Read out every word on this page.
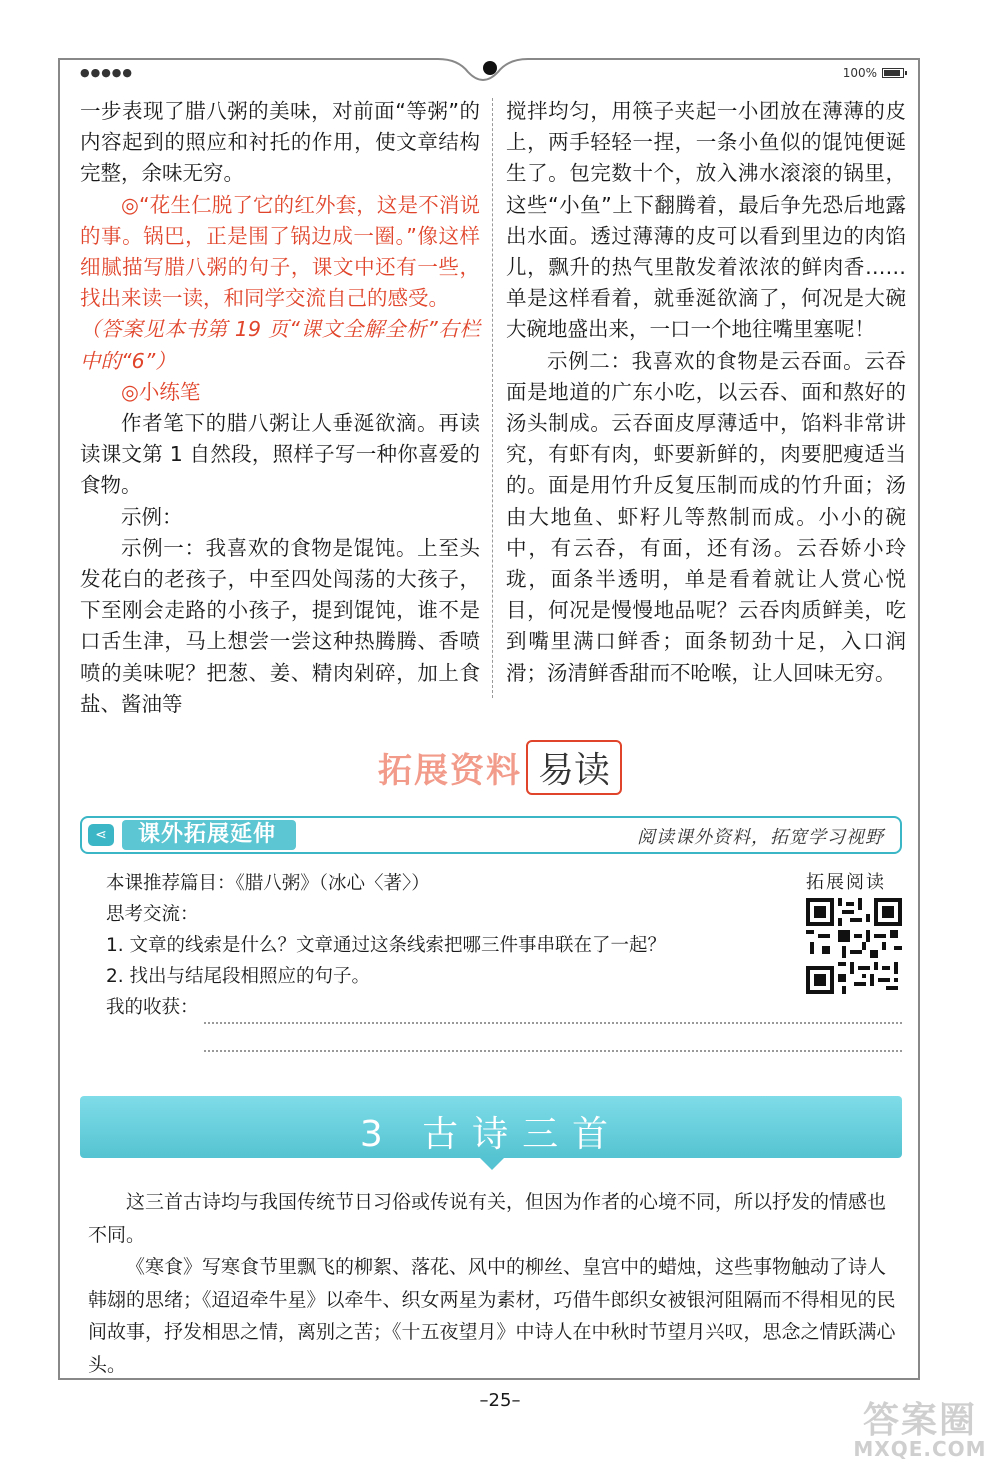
●●●●●	100%

一步表现了腊八粥的美味，对前面“等粥”的内容起到的照应和衬托的作用，使文章结构完整，余味无穷。

◎“花生仁脱了它的红外套，这是不消说的事。锅巴，正是围了锅边成一圈。”像这样细腻描写腊八粥的句子，课文中还有一些，找出来读一读，和同学交流自己的感受。

（答案见本书第 19 页“课文全解全析”右栏中的“6”）

◎小练笔

作者笔下的腊八粥让人垂涎欲滴。再读读课文第 1 自然段，照样子写一种你喜爱的食物。

示例：

示例一：我喜欢的食物是馄饨。上至头发花白的老孩子，中至四处闯荡的大孩子，下至刚会走路的小孩子，提到馄饨，谁不是口舌生津，马上想尝一尝这种热腾腾、香喷喷的美味呢？把葱、姜、精肉剁碎，加上食盐、酱油等

搅拌均匀，用筷子夹起一小团放在薄薄的皮上，两手轻轻一捏，一条小鱼似的馄饨便诞生了。包完数十个，放入沸水滚滚的锅里，这些“小鱼”上下翻腾着，最后争先恐后地露出水面。透过薄薄的皮可以看到里边的肉馅儿，飘升的热气里散发着浓浓的鲜肉香……单是这样看着，就垂涎欲滴了，何况是大碗大碗地盛出来，一口一个地往嘴里塞呢！

示例二：我喜欢的食物是云吞面。云吞面是地道的广东小吃，以云吞、面和熬好的汤头制成。云吞面皮厚薄适中，馅料非常讲究，有虾有肉，虾要新鲜的，肉要肥瘦适当的。面是用竹升反复压制而成的竹升面；汤由大地鱼、虾籽儿等熬制而成。小小的碗中，有云吞，有面，还有汤。云吞娇小玲珑，面条半透明，单是看着就让人赏心悦目，何况是慢慢地品呢？云吞肉质鲜美，吃到嘴里满口鲜香；面条韧劲十足，入口润滑；汤清鲜香甜而不呛喉，让人回味无穷。

拓展资料 易读
⋖	课外拓展延伸	阅读课外资料，拓宽学习视野

本课推荐篇目：《腊八粥》（冰心〈著〉）

思考交流：

1. 文章的线索是什么？文章通过这条线索把哪三件事串联在了一起？

2. 找出与结尾段相照应的句子。

我的收获：

拓展阅读
3 古诗三首

这三首古诗均与我国传统节日习俗或传说有关，但因为作者的心境不同，所以抒发的情感也不同。

《寒食》写寒食节里飘飞的柳絮、落花、风中的柳丝、皇宫中的蜡烛，这些事物触动了诗人韩翃的思绪；《迢迢牵牛星》以牵牛、织女两星为素材，巧借牛郎织女被银河阻隔而不得相见的民间故事，抒发相思之情，离别之苦；《十五夜望月》中诗人在中秋时节望月兴叹，思念之情跃满心头。

–25–	答案圈
MXQE.COM
